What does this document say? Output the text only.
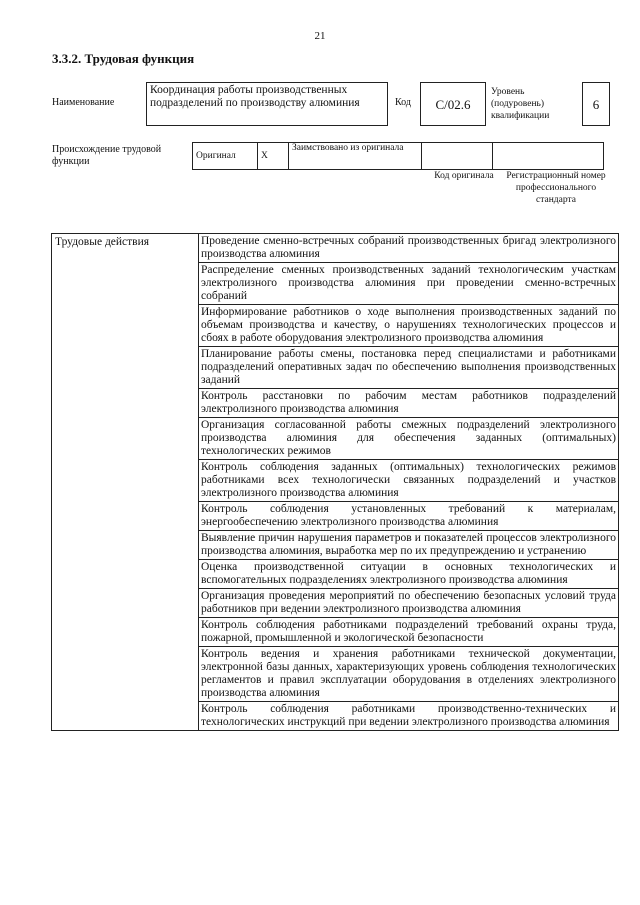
21
3.3.2. Трудовая функция
Наименование
Координация работы производственных подразделений по производству алюминия	Код	C/02.6
Уровень (подуровень) квалификации
6
Происхождение трудовой функции
Оригинал	X	Заимствовано из оригинала		
Код оригинала	Регистрационный номер профессионального стандарта
Трудовые действия	Проведение сменно-встречных собраний производственных бригад электролизного производства алюминия
Распределение сменных производственных заданий технологическим участкам электролизного производства алюминия при проведении сменно-встречных собраний
Информирование работников о ходе выполнения производственных заданий по объемам производства и качеству, о нарушениях технологических процессов и сбоях в работе оборудования электролизного производства алюминия
Планирование работы смены, постановка перед специалистами и работниками подразделений оперативных задач по обеспечению выполнения производственных заданий
Контроль расстановки по рабочим местам работников подразделений электролизного производства алюминия
Организация согласованной работы смежных подразделений электролизного производства алюминия для обеспечения заданных (оптимальных) технологических режимов
Контроль соблюдения заданных (оптимальных) технологических режимов работниками всех технологически связанных подразделений и участков электролизного производства алюминия
Контроль соблюдения установленных требований к материалам, энергообеспечению электролизного производства алюминия
Выявление причин нарушения параметров и показателей процессов электролизного производства алюминия, выработка мер по их предупреждению и устранению
Оценка производственной ситуации в основных технологических и вспомогательных подразделениях электролизного производства алюминия
Организация проведения мероприятий по обеспечению безопасных условий труда работников при ведении электролизного производства алюминия
Контроль соблюдения работниками подразделений требований охраны труда, пожарной, промышленной и экологической безопасности
Контроль ведения и хранения работниками технической документации, электронной базы данных, характеризующих уровень соблюдения технологических регламентов и правил эксплуатации оборудования в отделениях электролизного производства алюминия
Контроль соблюдения работниками производственно-технических и технологических инструкций при ведении электролизного производства алюминия
